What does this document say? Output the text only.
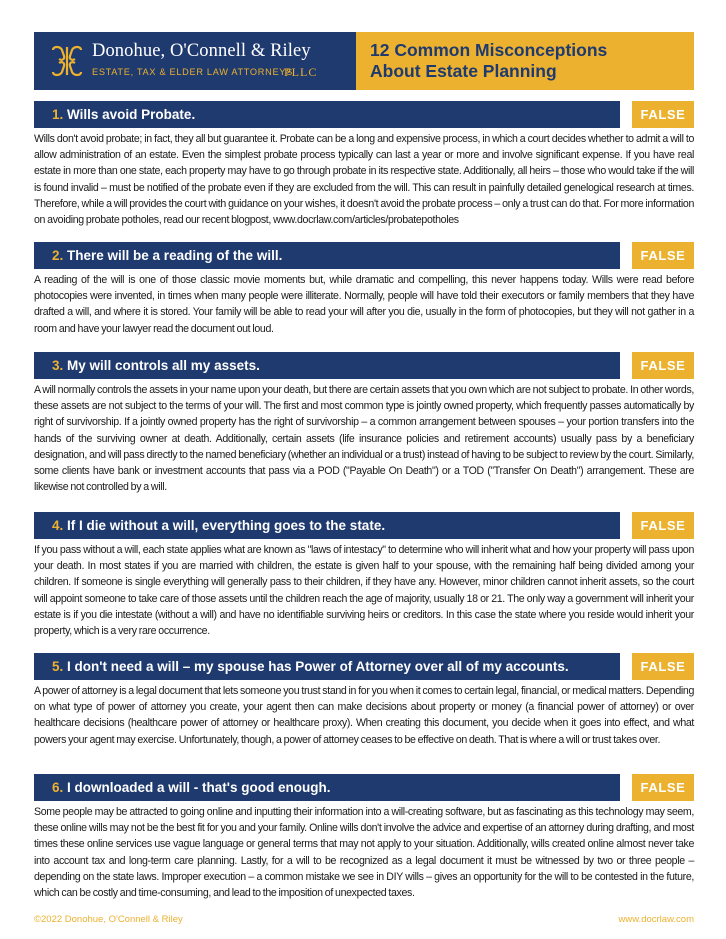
Donohue, O'Connell & Riley
ESTATE, TAX & ELDER LAW ATTORNEYS
PLLC
12 Common Misconceptions
About Estate Planning
1. Wills avoid Probate.	FALSE

Wills don't avoid probate; in fact, they all but guarantee it. Probate can be a long and expensive process, in which a court decides whether to admit a will to allow administration of an estate. Even the simplest probate process typically can last a year or more and involve significant expense. If you have real estate in more than one state, each property may have to go through probate in its respective state. Additionally, all heirs – those who would take if the will is found invalid – must be notified of the probate even if they are excluded from the will. This can result in painfully detailed genelogical research at times. Therefore, while a will provides the court with guidance on your wishes, it doesn't avoid the probate process – only a trust can do that. For more information on avoiding probate potholes, read our recent blogpost, www.docrlaw.com/articles/probatepotholes

2. There will be a reading of the will.	FALSE

A reading of the will is one of those classic movie moments but, while dramatic and compelling, this never happens today. Wills were read before photocopies were invented, in times when many people were illiterate. Normally, people will have told their executors or family members that they have drafted a will, and where it is stored. Your family will be able to read your will after you die, usually in the form of photocopies, but they will not gather in a room and have your lawyer read the document out loud.

3. My will controls all my assets.	FALSE

A will normally controls the assets in your name upon your death, but there are certain assets that you own which are not subject to probate. In other words, these assets are not subject to the terms of your will. The first and most common type is jointly owned property, which frequently passes automatically by right of survivorship. If a jointly owned property has the right of survivorship – a common arrangement between spouses – your portion transfers into the hands of the surviving owner at death. Additionally, certain assets (life insurance policies and retirement accounts) usually pass by a beneficiary designation, and will pass directly to the named beneficiary (whether an individual or a trust) instead of having to be subject to review by the court. Similarly, some clients have bank or investment accounts that pass via a POD ("Payable On Death") or a TOD ("Transfer On Death") arrangement. These are likewise not controlled by a will.

4. If I die without a will, everything goes to the state.	FALSE

If you pass without a will, each state applies what are known as "laws of intestacy" to determine who will inherit what and how your property will pass upon your death. In most states if you are married with children, the estate is given half to your spouse, with the remaining half being divided among your children. If someone is single everything will generally pass to their children, if they have any. However, minor children cannot inherit assets, so the court will appoint someone to take care of those assets until the children reach the age of majority, usually 18 or 21. The only way a government will inherit your estate is if you die intestate (without a will) and have no identifiable surviving heirs or creditors. In this case the state where you reside would inherit your property, which is a very rare occurrence.

5. I don't need a will – my spouse has Power of Attorney over all of my accounts.	FALSE

A power of attorney is a legal document that lets someone you trust stand in for you when it comes to certain legal, financial, or medical matters. Depending on what type of power of attorney you create, your agent then can make decisions about property or money (a financial power of attorney) or over healthcare decisions (healthcare power of attorney or healthcare proxy). When creating this document, you decide when it goes into effect, and what powers your agent may exercise. Unfortunately, though, a power of attorney ceases to be effective on death. That is where a will or trust takes over.

6. I downloaded a will - that's good enough.	FALSE

Some people may be attracted to going online and inputting their information into a will-creating software, but as fascinating as this technology may seem, these online wills may not be the best fit for you and your family. Online wills don't involve the advice and expertise of an attorney during drafting, and most times these online services use vague language or general terms that may not apply to your situation. Additionally, wills created online almost never take into account tax and long-term care planning. Lastly, for a will to be recognized as a legal document it must be witnessed by two or three people – depending on the state laws. Improper execution – a common mistake we see in DIY wills – gives an opportunity for the will to be contested in the future, which can be costly and time-consuming, and lead to the imposition of unexpected taxes.

©2022 Donohue, O'Connell & Riley	www.docrlaw.com
